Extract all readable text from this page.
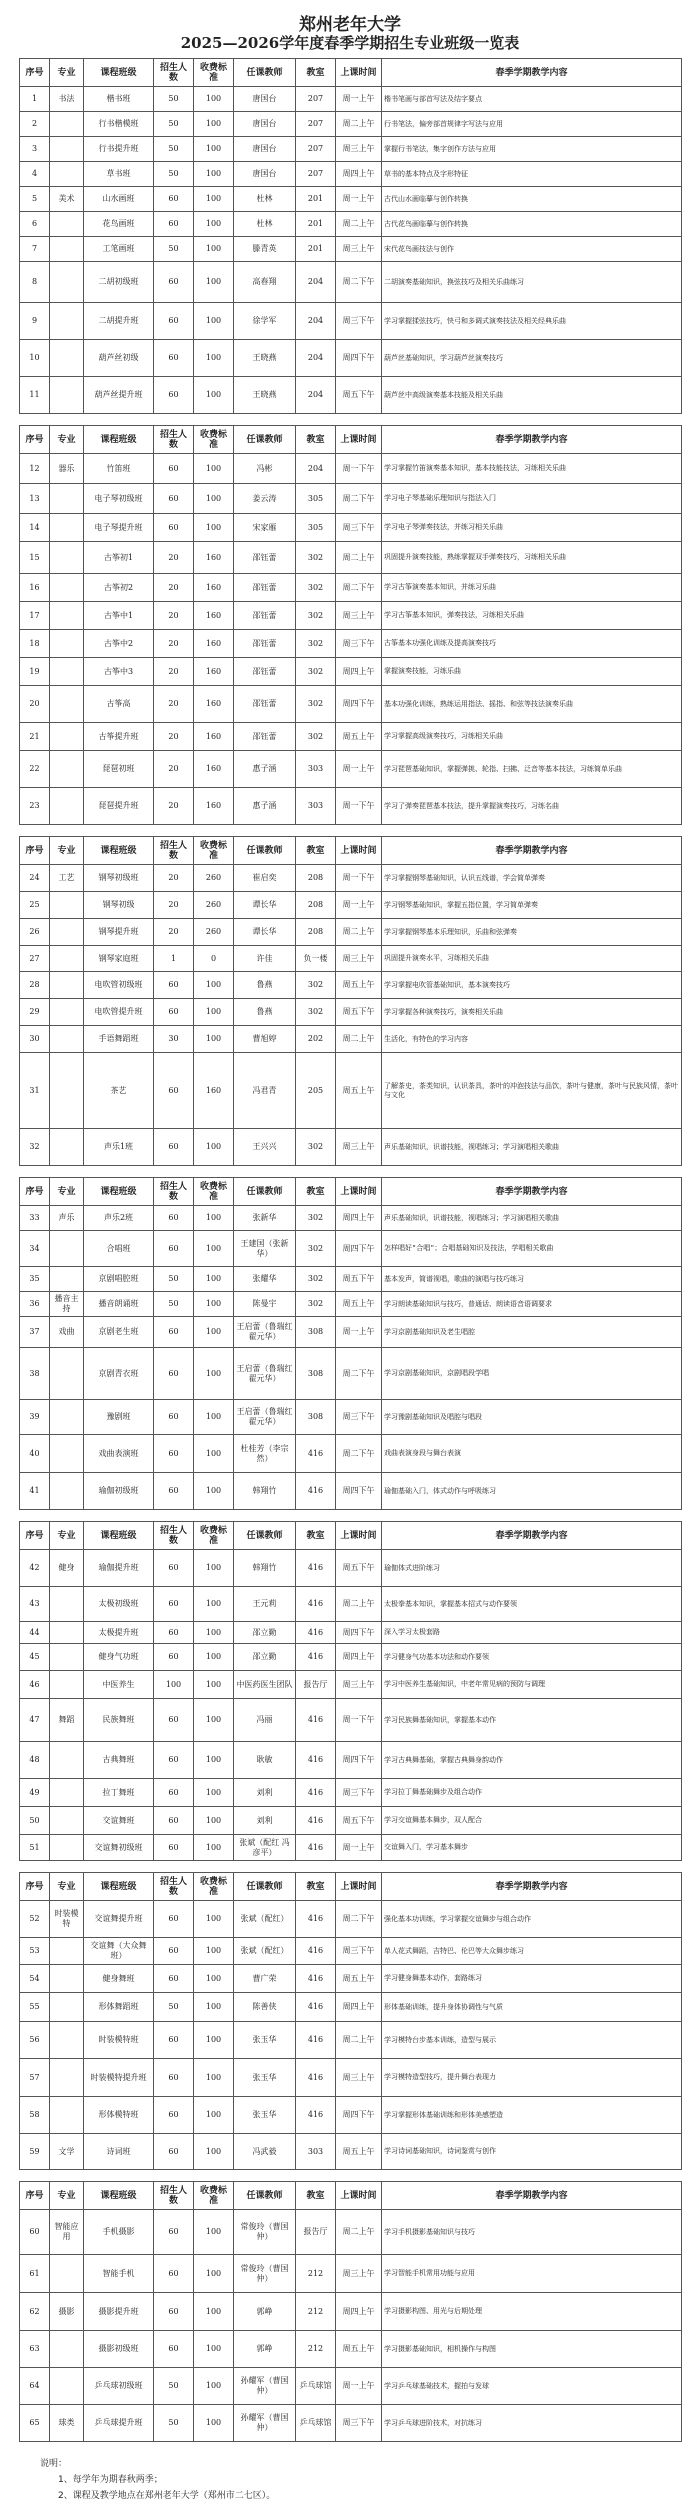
郑州老年大学
2025—2026学年度春季学期招生专业班级一览表
序号	专业	课程班级	招生人数	收费标准	任课教师	教室	上课时间	春季学期教学内容
1	书法	楷书班	50	100	唐国台	207	周一上午	楷书笔画与部首写法及结字要点
2		行书楷模班	50	100	唐国台	207	周二上午	行书笔法，偏旁部首规律字写法与应用
3		行书提升班	50	100	唐国台	207	周三上午	掌握行书笔法，集字创作方法与应用
4		草书班	50	100	唐国台	207	周四上午	草书的基本特点及字形特征
5	美术	山水画班	60	100	杜林	201	周一上午	古代山水画临摹与创作转换
6		花鸟画班	60	100	杜林	201	周二上午	古代花鸟画临摹与创作转换
7		工笔画班	50	100	滕青英	201	周三上午	宋代花鸟画技法与创作
8		二胡初级班	60	100	高春翔	204	周二下午	二胡演奏基础知识，换弦技巧及相关乐曲练习
9		二胡提升班	60	100	徐学军	204	周三下午	学习掌握揉弦技巧，快弓和多调式演奏技法及相关经典乐曲
10		葫芦丝初级	60	100	王晓燕	204	周四下午	葫芦丝基础知识，学习葫芦丝演奏技巧
11		葫芦丝提升班	60	100	王晓燕	204	周五下午	葫芦丝中高级演奏基本技能及相关乐曲
序号	专业	课程班级	招生人数	收费标准	任课教师	教室	上课时间	春季学期教学内容
12	器乐	竹笛班	60	100	冯彬	204	周一下午	学习掌握竹笛演奏基本知识，基本技能技法，习练相关乐曲
13		电子琴初级班	60	100	姜云涛	305	周二下午	学习电子琴基础乐理知识与指法入门
14		电子琴提升班	60	100	宋家雁	305	周三下午	学习电子琴弹奏技法，并练习相关乐曲
15		古筝初1	20	160	邵钰蕾	302	周二上午	巩固提升演奏技能，熟练掌握双手弹奏技巧，习练相关乐曲
16		古筝初2	20	160	邵钰蕾	302	周二下午	学习古筝演奏基本知识，并练习乐曲
17		古筝中1	20	160	邵钰蕾	302	周三上午	学习古筝基本知识，弹奏技法，习练相关乐曲
18		古筝中2	20	160	邵钰蕾	302	周三下午	古筝基本功强化训练及提高演奏技巧
19		古筝中3	20	160	邵钰蕾	302	周四上午	掌握演奏技能，习练乐曲
20		古筝高	20	160	邵钰蕾	302	周四下午	基本功强化训练，熟练运用指法、摇指、和弦等技法演奏乐曲
21		古筝提升班	20	160	邵钰蕾	302	周五上午	学习掌握高级演奏技巧，习练相关乐曲
22		琵琶初班	20	160	惠子涵	303	周一上午	学习琵琶基础知识，掌握弹挑、轮指、扫拂、泛音等基本技法，习练简单乐曲
23		琵琶提升班	20	160	惠子涵	303	周一下午	学习了弹奏琵琶基本技法，提升掌握演奏技巧，习练名曲
序号	专业	课程班级	招生人数	收费标准	任课教师	教室	上课时间	春季学期教学内容
24	工艺	钢琴初级班	20	260	崔启奕	208	周一下午	学习掌握钢琴基础知识，认识五线谱，学会简单弹奏
25		钢琴初级	20	260	谭长华	208	周一上午	学习钢琴基础知识，掌握五指位置，学习简单弹奏
26		钢琴提升班	20	260	谭长华	208	周二上午	学习掌握钢琴基本乐理知识，乐曲和弦弹奏
27		钢琴家庭班	1	0	许佳	负一楼	周三上午	巩固提升演奏水平，习练相关乐曲
28		电吹管初级班	60	100	鲁燕	302	周五上午	学习掌握电吹管基础知识，基本演奏技巧
29		电吹管提升班	60	100	鲁燕	302	周五下午	学习掌握各种演奏技巧，演奏相关乐曲
30		手语舞蹈班	30	100	曹旭婷	202	周二上午	生活化，有特色的学习内容
31		茶艺	60	160	冯君青	205	周五上午	了解茶史，茶类知识，认识茶具，茶叶的冲泡技法与品饮，茶叶与健康，茶叶与民族风情，茶叶与文化
32		声乐1班	60	100	王兴兴	302	周三上午	声乐基础知识，识谱技能，视唱练习；学习演唱相关歌曲
序号	专业	课程班级	招生人数	收费标准	任课教师	教室	上课时间	春季学期教学内容
33	声乐	声乐2班	60	100	张新华	302	周四上午	声乐基础知识，识谱技能，视唱练习；学习演唱相关歌曲
34		合唱班	60	100	王建国（张新华）	302	周四下午	怎样唱好"合唱"；合唱基础知识及技法，学唱相关歌曲
35		京剧唱腔班	50	100	张耀华	302	周五下午	基本发声，简谱视唱，歌曲的演唱与技巧练习
36	播音主持	播音朗诵班	50	100	陈曼宇	302	周五上午	学习朗读基础知识与技巧，普通话、朗读语音语调要求
37	戏曲	京剧老生班	60	100	王启蕾（鲁瑞红 翟元华）	308	周一上午	学习京剧基础知识及老生唱腔
38		京剧青衣班	60	100	王启蕾（鲁瑞红 翟元华）	308	周二下午	学习京剧基础知识，京剧唱段学唱
39		豫剧班	60	100	王启蕾（鲁瑞红 翟元华）	308	周三下午	学习豫剧基础知识及唱腔与唱段
40		戏曲表演班	60	100	杜桂芳（李宗然）	416	周二下午	戏曲表演身段与舞台表演
41		瑜伽初级班	60	100	韩翔竹	416	周四下午	瑜伽基础入门，体式动作与呼吸练习
序号	专业	课程班级	招生人数	收费标准	任课教师	教室	上课时间	春季学期教学内容
42	健身	瑜伽提升班	60	100	韩翔竹	416	周五下午	瑜伽体式进阶练习
43		太极初级班	60	100	王元莉	416	周二上午	太极拳基本知识，掌握基本招式与动作要领
44		太极提升班	60	100	邵立勤	416	周四下午	深入学习太极套路
45		健身气功班	60	100	邵立勤	416	周四上午	学习健身气功基本功法和动作要领
46		中医养生	100	100	中医药医生团队	报告厅	周三上午	学习中医养生基础知识，中老年常见病的预防与调理
47	舞蹈	民族舞班	60	100	冯丽	416	周一下午	学习民族舞基础知识，掌握基本动作
48		古典舞班	60	100	耿敏	416	周四下午	学习古典舞基础，掌握古典舞身韵动作
49		拉丁舞班	60	100	刘利	416	周三下午	学习拉丁舞基础舞步及组合动作
50		交谊舞班	60	100	刘利	416	周五下午	学习交谊舞基本舞步，双人配合
51		交谊舞初级班	60	100	张斌（配红 冯彦平）	416	周一上午	交谊舞入门，学习基本舞步
序号	专业	课程班级	招生人数	收费标准	任课教师	教室	上课时间	春季学期教学内容
52	时装模特	交谊舞提升班	60	100	张斌（配红）	416	周二下午	强化基本功训练，学习掌握交谊舞步与组合动作
53		交谊舞（大众舞班）	60	100	张斌（配红）	416	周三下午	单人花式舞蹈，吉特巴、伦巴等大众舞步练习
54		健身舞班	60	100	曹广荣	416	周五上午	学习健身舞基本动作，套路练习
55		形体舞蹈班	50	100	陈善侠	416	周四上午	形体基础训练，提升身体协调性与气质
56		时装模特班	60	100	张玉华	416	周二上午	学习模特台步基本训练，造型与展示
57		时装模特提升班	60	100	张玉华	416	周三上午	学习模特造型技巧，提升舞台表现力
58		形体模特班	60	100	张玉华	416	周四下午	学习掌握形体基础训练和形体美感塑造
59	文学	诗词班	60	100	冯武毅	303	周五上午	学习诗词基础知识，诗词鉴赏与创作
序号	专业	课程班级	招生人数	收费标准	任课教师	教室	上课时间	春季学期教学内容
60	智能应用	手机摄影	60	100	常俊玲（曹国仲）	报告厅	周二上午	学习手机摄影基础知识与技巧
61		智能手机	60	100	常俊玲（曹国仲）	212	周三上午	学习智能手机常用功能与应用
62	摄影	摄影提升班	60	100	郭峥	212	周四上午	学习摄影构图、用光与后期处理
63		摄影初级班	60	100	郭峥	212	周五上午	学习摄影基础知识，相机操作与构图
64		乒乓球初级班	50	100	孙耀军（曹国仲）	乒乓球馆	周一上午	学习乒乓球基础技术，握拍与发球
65	球类	乒乓球提升班	50	100	孙耀军（曹国仲）	乒乓球馆	周三下午	学习乒乓球进阶技术，对抗练习
说明：
1、每学年为期春秋两季；
2、课程及教学地点在郑州老年大学（郑州市二七区）。
